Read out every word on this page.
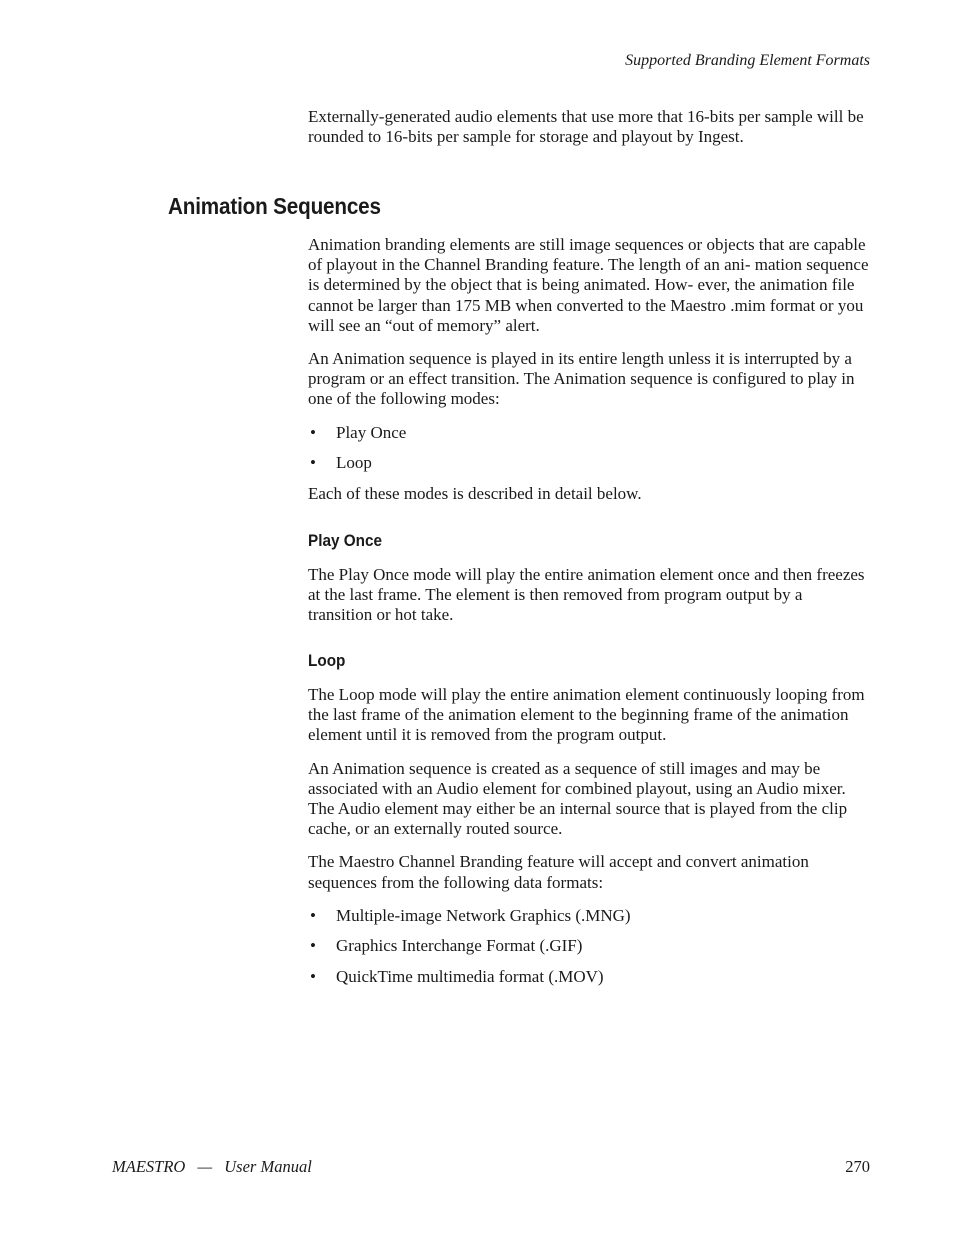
Supported Branding Element Formats

Externally-generated audio elements that use more that 16-bits per sample will be rounded to 16-bits per sample for storage and playout by Ingest.

Animation Sequences

Animation branding elements are still image sequences or objects that are capable of playout in the Channel Branding feature. The length of an ani- mation sequence is determined by the object that is being animated. How- ever, the animation file cannot be larger than 175 MB when converted to the Maestro .mim format or you will see an “out of memory” alert.

An Animation sequence is played in its entire length unless it is interrupted by a program or an effect transition. The Animation sequence is configured to play in one of the following modes:

• Play Once
• Loop

Each of these modes is described in detail below.

Play Once

The Play Once mode will play the entire animation element once and then freezes at the last frame. The element is then removed from program output by a transition or hot take.

Loop

The Loop mode will play the entire animation element continuously looping from the last frame of the animation element to the beginning frame of the animation element until it is removed from the program output.

An Animation sequence is created as a sequence of still images and may be associated with an Audio element for combined playout, using an Audio mixer. The Audio element may either be an internal source that is played from the clip cache, or an externally routed source.

The Maestro Channel Branding feature will accept and convert animation sequences from the following data formats:

• Multiple-image Network Graphics (.MNG)
• Graphics Interchange Format (.GIF)
• QuickTime multimedia format (.MOV)
MAESTRO — User Manual	270
